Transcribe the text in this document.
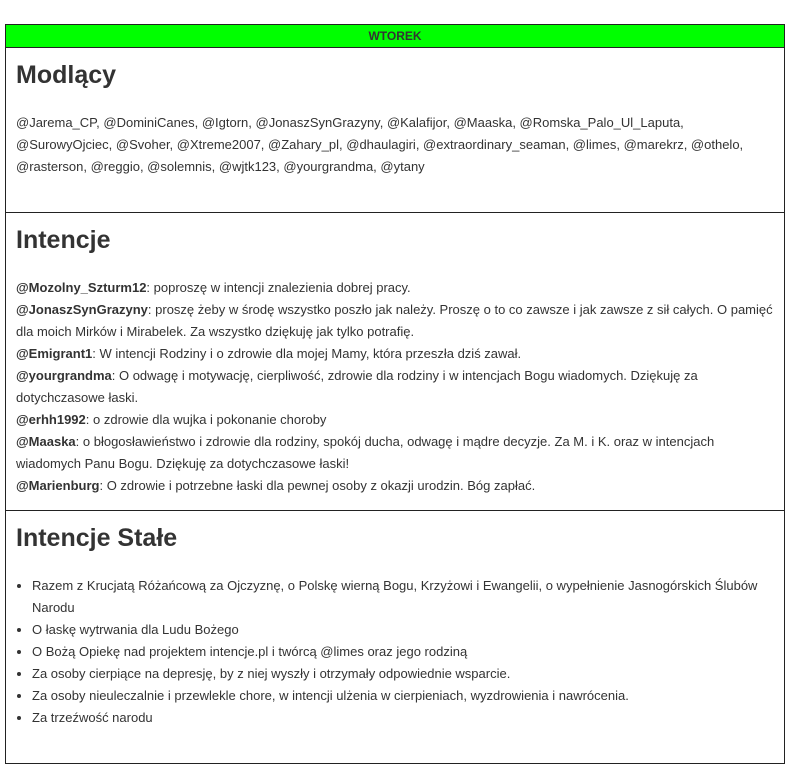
WTOREK
Modlący
@Jarema_CP, @DominiCanes, @Igtorn, @JonaszSynGrazyny, @Kalafijor, @Maaska, @Romska_Palo_Ul_Laputa, @SurowyOjciec, @Svoher, @Xtreme2007, @Zahary_pl, @dhaulagiri, @extraordinary_seaman, @limes, @marekrz, @othelo, @rasterson, @reggio, @solemnis, @wjtk123, @yourgrandma, @ytany
Intencje
@Mozolny_Szturm12: poproszę w intencji znalezienia dobrej pracy.
@JonaszSynGrazyny: proszę żeby w środę wszystko poszło jak należy. Proszę o to co zawsze i jak zawsze z sił całych. O pamięć dla moich Mirków i Mirabelek. Za wszystko dziękuję jak tylko potrafię.
@Emigrant1: W intencji Rodziny i o zdrowie dla mojej Mamy, która przeszła dziś zawał.
@yourgrandma: O odwagę i motywację, cierpliwość, zdrowie dla rodziny i w intencjach Bogu wiadomych. Dziękuję za dotychczasowe łaski.
@erhh1992: o zdrowie dla wujka i pokonanie choroby
@Maaska: o błogosławieństwo i zdrowie dla rodziny, spokój ducha, odwagę i mądre decyzje. Za M. i K. oraz w intencjach wiadomych Panu Bogu. Dziękuję za dotychczasowe łaski!
@Marienburg: O zdrowie i potrzebne łaski dla pewnej osoby z okazji urodzin. Bóg zapłać.
Intencje Stałe
• Razem z Krucjatą Różańcową za Ojczyznę, o Polskę wierną Bogu, Krzyżowi i Ewangelii, o wypełnienie Jasnogórskich Ślubów Narodu
• O łaskę wytrwania dla Ludu Bożego
• O Bożą Opiekę nad projektem intencje.pl i twórcą @limes oraz jego rodziną
• Za osoby cierpiące na depresję, by z niej wyszły i otrzymały odpowiednie wsparcie.
• Za osoby nieuleczalnie i przewlekle chore, w intencji ulżenia w cierpieniach, wyzdrowienia i nawrócenia.
• Za trzeźwość narodu
